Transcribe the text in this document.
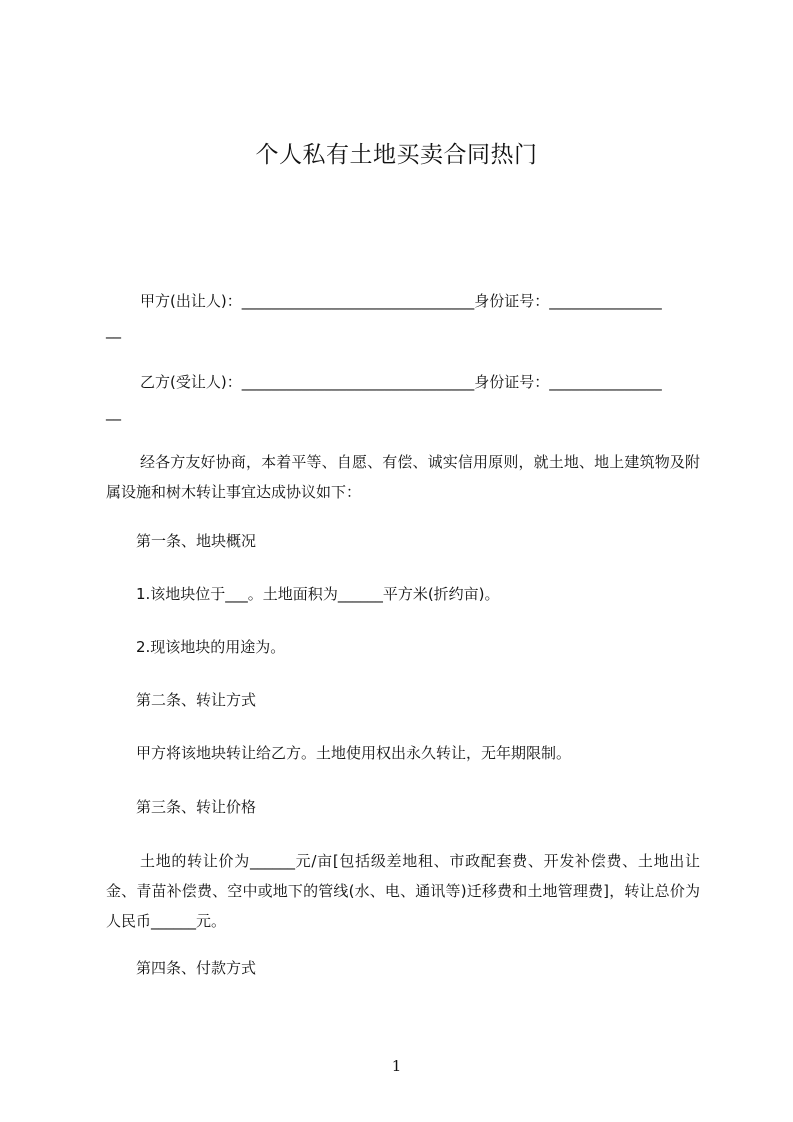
个人私有土地买卖合同热门
甲方(出让人)：_______________________________身份证号：_______________
__
乙方(受让人)：_______________________________身份证号：_______________
__

经各方友好协商，本着平等、自愿、有偿、诚实信用原则，就土地、地上建筑物及附属设施和树木转让事宜达成协议如下：

第一条、地块概况
1.该地块位于___。土地面积为______平方米(折约亩)。
2.现该地块的用途为。
第二条、转让方式
甲方将该地块转让给乙方。土地使用权出永久转让，无年期限制。
第三条、转让价格

土地的转让价为______元/亩[包括级差地租、市政配套费、开发补偿费、土地出让金、青苗补偿费、空中或地下的管线(水、电、通讯等)迁移费和土地管理费]，转让总价为人民币______元。

第四条、付款方式
1
